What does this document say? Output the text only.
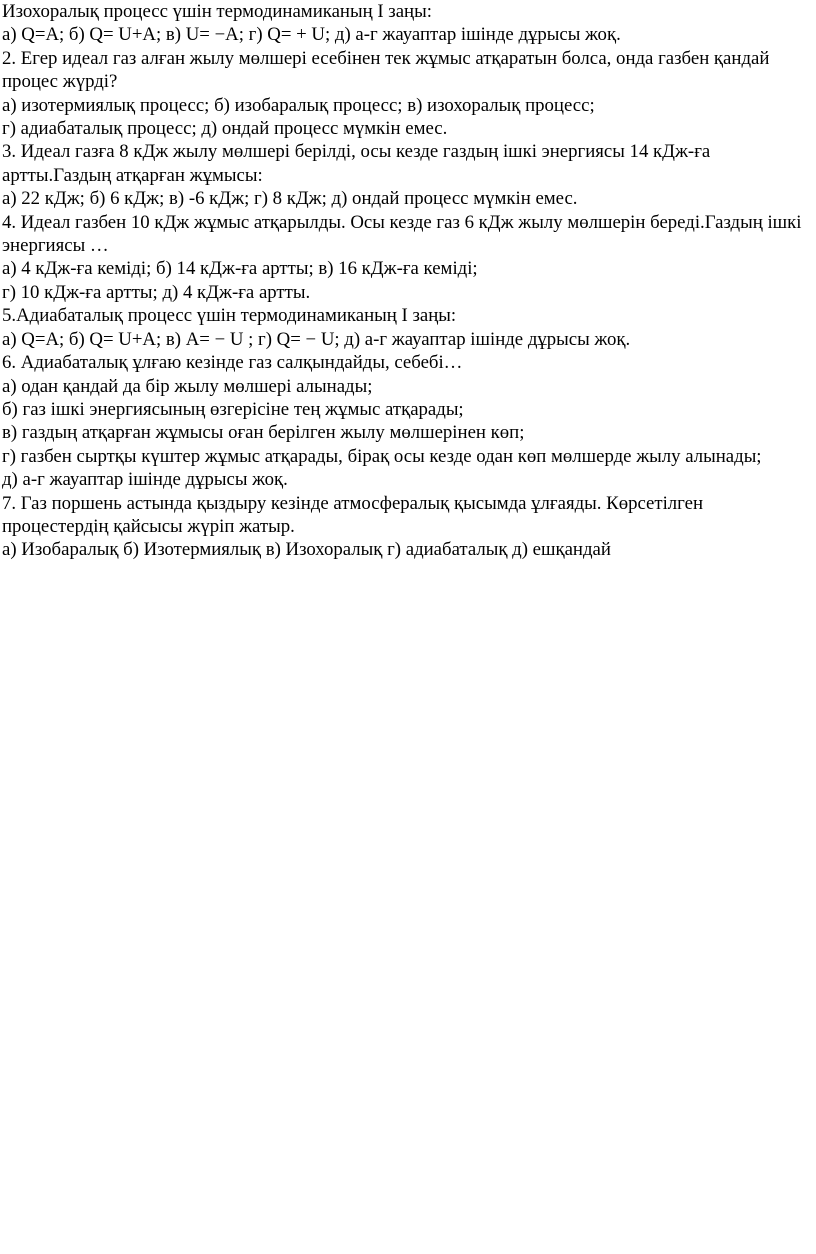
Изохоралық процесс үшін термодинамиканың I заңы:
а) Q=A; б) Q= U+A; в) U= −A; г) Q= + U; д) а-г жауаптар ішінде дұрысы жоқ.
2. Егер идеал газ алған жылу мөлшері есебінен тек жұмыс атқаратын болса, онда газбен қандай процес жүрді?
а) изотермиялық процесс; б) изобаралық процесс; в) изохоралық процесс;
г) адиабаталық процесс; д) ондай процесс мүмкін емес.
3. Идеал газға 8 кДж жылу мөлшері берілді, осы кезде газдың ішкі энергиясы 14 кДж-ға артты.Газдың атқарған жұмысы:
а) 22 кДж; б) 6 кДж; в) -6 кДж; г) 8 кДж; д) ондай процесс мүмкін емес.
4. Идеал газбен 10 кДж жұмыс атқарылды. Осы кезде газ 6 кДж жылу мөлшерін береді.Газдың ішкі энергиясы …
а) 4 кДж-ға кеміді; б) 14 кДж-ға артты; в) 16 кДж-ға кеміді;
г) 10 кДж-ға артты; д) 4 кДж-ға артты.
5.Адиабаталық процесс үшін термодинамиканың I заңы:
а) Q=A; б) Q= U+A; в) A= − U ; г) Q= − U; д) а-г жауаптар ішінде дұрысы жоқ.
6. Адиабаталық ұлғаю кезінде газ салқындайды, себебі…
а) одан қандай да бір жылу мөлшері алынады;
б) газ ішкі энергиясының өзгерісіне тең жұмыс атқарады;
в) газдың атқарған жұмысы оған берілген жылу мөлшерінен көп;
г) газбен сыртқы күштер жұмыс атқарады, бірақ осы кезде одан көп мөлшерде жылу алынады;
д) а-г жауаптар ішінде дұрысы жоқ.
7. Газ поршень астында қыздыру кезінде атмосфералық қысымда ұлғаяды. Көрсетілген процестердің қайсысы жүріп жатыр.
а) Изобаралық б) Изотермиялық в) Изохоралық г) адиабаталық д) ешқандай
